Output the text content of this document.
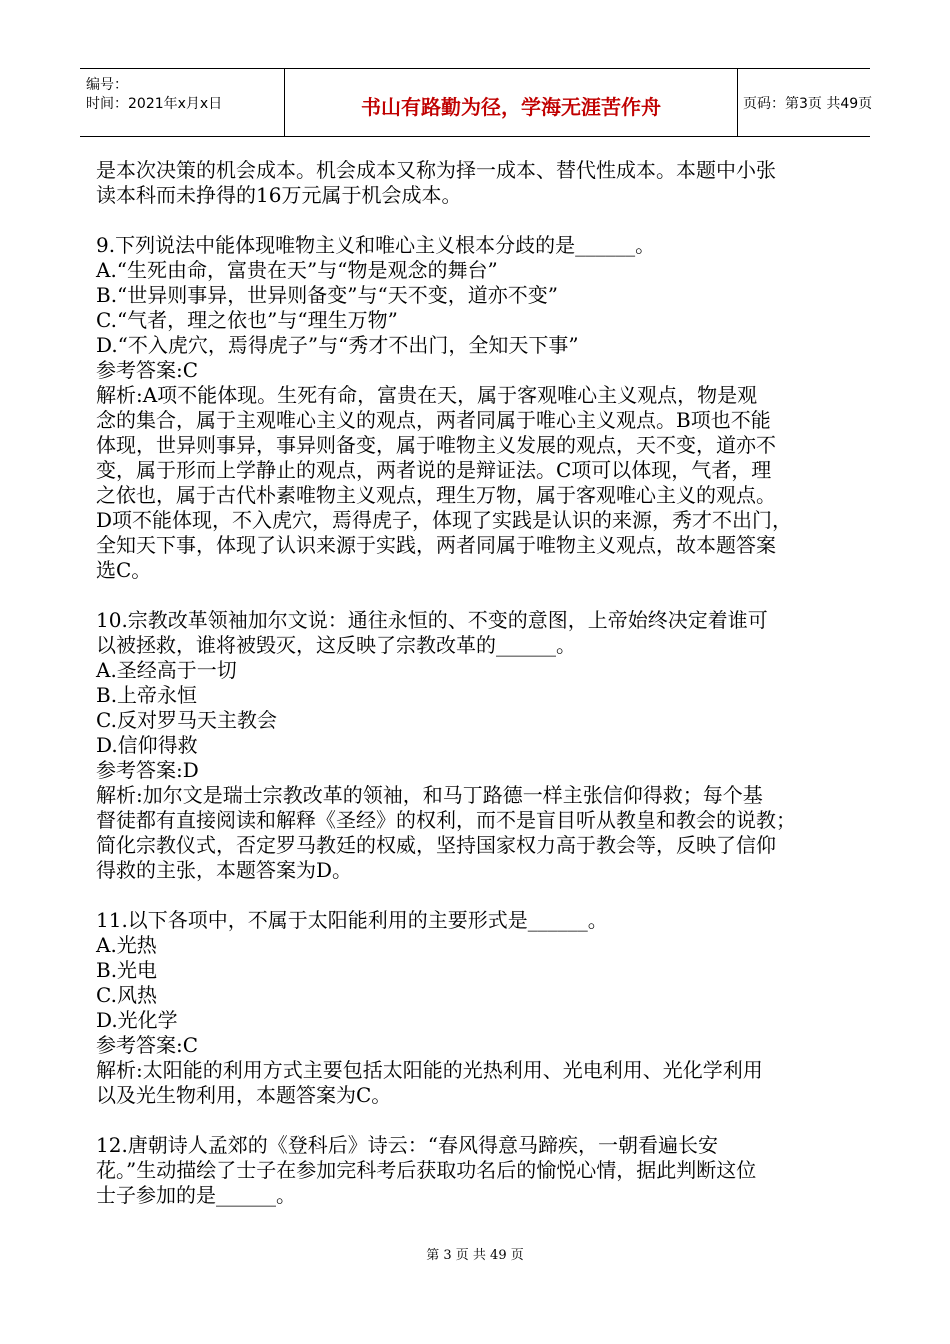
编号：
时间：2021年x月x日	书山有路勤为径，学海无涯苦作舟	页码：第3页 共49页
是本次决策的机会成本。机会成本又称为择一成本、替代性成本。本题中小张
读本科而未挣得的16万元属于机会成本。
9.下列说法中能体现唯物主义和唯心主义根本分歧的是______。
A.“生死由命，富贵在天”与“物是观念的舞台”
B.“世异则事异，世异则备变”与“天不变，道亦不变”
C.“气者，理之依也”与“理生万物”
D.“不入虎穴，焉得虎子”与“秀才不出门，全知天下事”
参考答案:C
解析:A项不能体现。生死有命，富贵在天，属于客观唯心主义观点，物是观
念的集合，属于主观唯心主义的观点，两者同属于唯心主义观点。B项也不能
体现，世异则事异，事异则备变，属于唯物主义发展的观点，天不变，道亦不
变，属于形而上学静止的观点，两者说的是辩证法。C项可以体现，气者，理
之依也，属于古代朴素唯物主义观点，理生万物，属于客观唯心主义的观点。
D项不能体现，不入虎穴，焉得虎子，体现了实践是认识的来源，秀才不出门，
全知天下事，体现了认识来源于实践，两者同属于唯物主义观点，故本题答案
选C。
10.宗教改革领袖加尔文说：通往永恒的、不变的意图，上帝始终决定着谁可
以被拯救，谁将被毁灭，这反映了宗教改革的______。
A.圣经高于一切
B.上帝永恒
C.反对罗马天主教会
D.信仰得救
参考答案:D
解析:加尔文是瑞士宗教改革的领袖，和马丁路德一样主张信仰得救；每个基
督徒都有直接阅读和解释《圣经》的权利，而不是盲目听从教皇和教会的说教；
简化宗教仪式，否定罗马教廷的权威，坚持国家权力高于教会等，反映了信仰
得救的主张，本题答案为D。
11.以下各项中，不属于太阳能利用的主要形式是______。
A.光热
B.光电
C.风热
D.光化学
参考答案:C
解析:太阳能的利用方式主要包括太阳能的光热利用、光电利用、光化学利用
以及光生物利用，本题答案为C。
12.唐朝诗人孟郊的《登科后》诗云：“春风得意马蹄疾，一朝看遍长安
花。”生动描绘了士子在参加完科考后获取功名后的愉悦心情，据此判断这位
士子参加的是______。
第 3 页 共 49 页
